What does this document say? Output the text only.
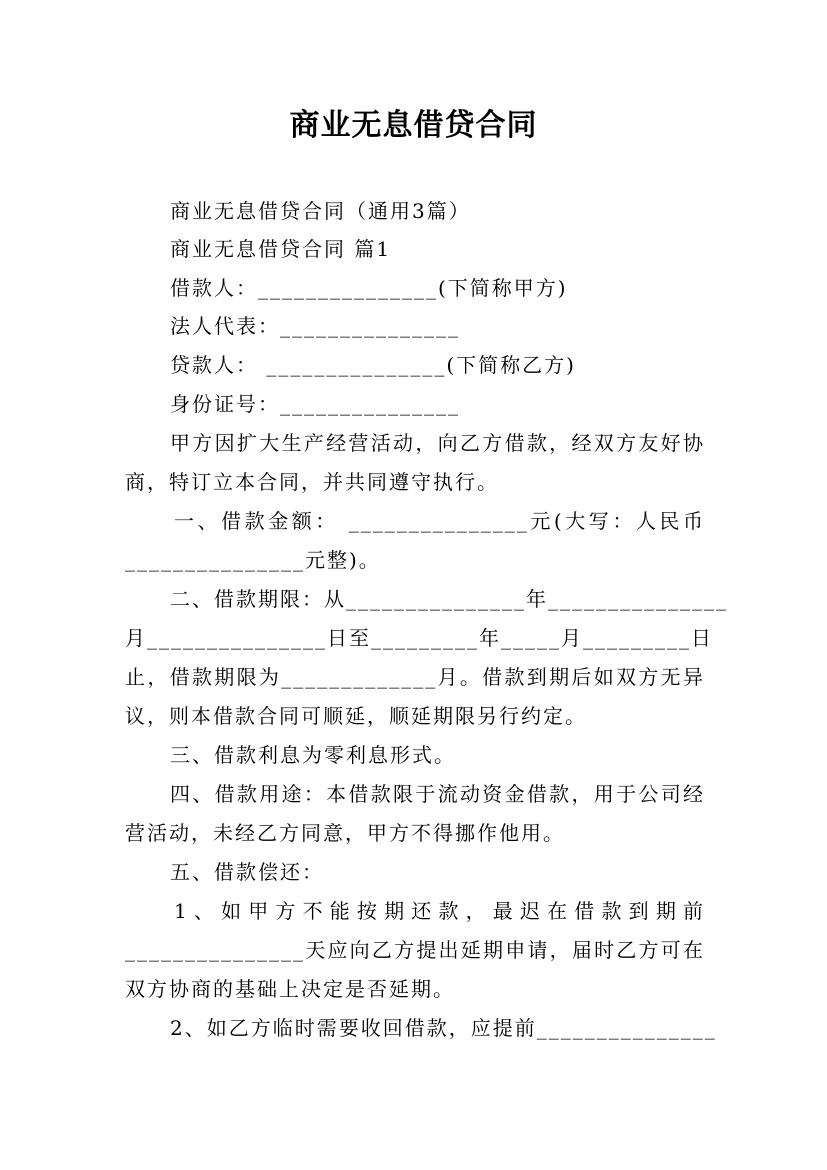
商业无息借贷合同
商业无息借贷合同（通用3篇）
商业无息借贷合同 篇1
借款人：_______________(下简称甲方)
法人代表：_______________
贷款人： _______________(下简称乙方)
身份证号：_______________
甲方因扩大生产经营活动，向乙方借款，经双方友好协
商，特订立本合同，并共同遵守执行。
一、借款金额： _______________元(大写：人民币
_______________元整)。
二、借款期限：从_______________年_______________
月_______________日至_________年_____月_________日
止，借款期限为_____________月。借款到期后如双方无异
议，则本借款合同可顺延，顺延期限另行约定。
三、借款利息为零利息形式。
四、借款用途：本借款限于流动资金借款，用于公司经
营活动，未经乙方同意，甲方不得挪作他用。
五、借款偿还：
1、如甲方不能按期还款，最迟在借款到期前
_______________天应向乙方提出延期申请，届时乙方可在
双方协商的基础上决定是否延期。
2、如乙方临时需要收回借款，应提前_______________
